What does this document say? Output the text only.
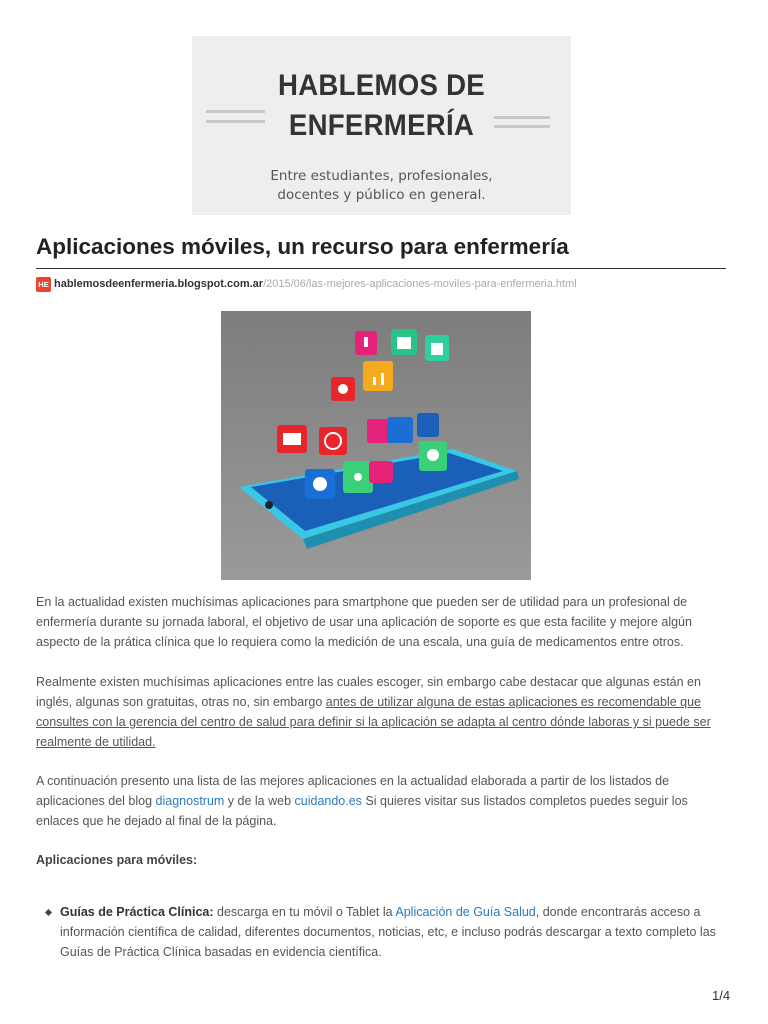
HABLEMOS DE
ENFERMERÍA
Entre estudiantes, profesionales,
docentes y público en general.
Aplicaciones móviles, un recurso para enfermería
HE hablemosdeenfermeria.blogspot.com.ar/2015/06/las-mejores-aplicaciones-moviles-para-enfermeria.html

En la actualidad existen muchísimas aplicaciones para smartphone que pueden ser de utilidad para un profesional de enfermería durante su jornada laboral, el objetivo de usar una aplicación de soporte es que esta facilite y mejore algún aspecto de la prática clínica que lo requiera como la medición de una escala, una guía de medicamentos entre otros.

Realmente existen muchísimas aplicaciones entre las cuales escoger, sin embargo cabe destacar que algunas están en inglés, algunas son gratuitas, otras no, sin embargo antes de utilizar alguna de estas aplicaciones es recomendable que consultes con la gerencia del centro de salud para definir si la aplicación se adapta al centro dónde laboras y si puede ser realmente de utilidad.

A continuación presento una lista de las mejores aplicaciones en la actualidad elaborada a partir de los listados de aplicaciones del blog diagnostrum y de la web cuidando.es Si quieres visitar sus listados completos puedes seguir los enlaces que he dejado al final de la página.

Aplicaciones para móviles:

Guías de Práctica Clínica: descarga en tu móvil o Tablet la Aplicación de Guía Salud, donde encontrarás acceso a información científica de calidad, diferentes documentos, noticias, etc, e incluso podrás descargar a texto completo las Guías de Práctica Clínica basadas en evidencia científica.
1/4
